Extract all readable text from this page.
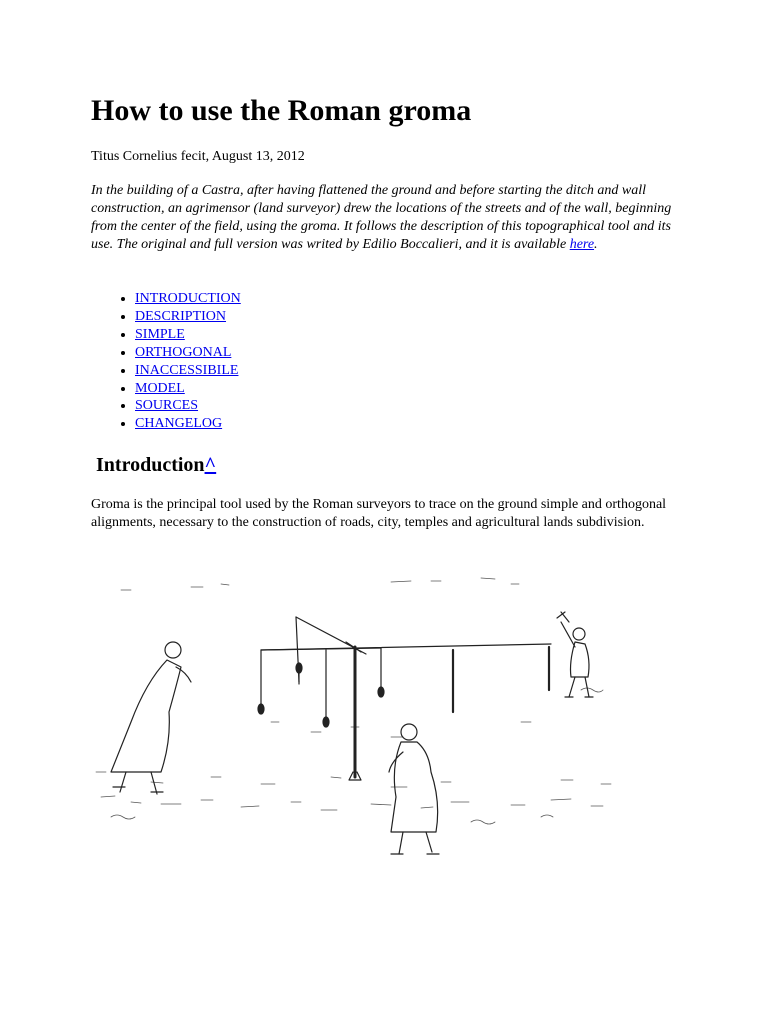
How to use the Roman groma

Titus Cornelius fecit, August 13, 2012

In the building of a Castra, after having flattened the ground and before starting the ditch and wall construction, an agrimensor (land surveyor) drew the locations of the streets and of the wall, beginning from the center of the field, using the groma. It follows the description of this topographical tool and its use. The original and full version was writed by Edilio Boccalieri, and it is available here.

• INTRODUCTION
• DESCRIPTION
• SIMPLE
• ORTHOGONAL
• INACCESSIBILE
• MODEL
• SOURCES
• CHANGELOG
Introduction^

Groma is the principal tool used by the Roman surveyors to trace on the ground simple and orthogonal alignments, necessary to the construction of roads, city, temples and agricultural lands subdivision.
